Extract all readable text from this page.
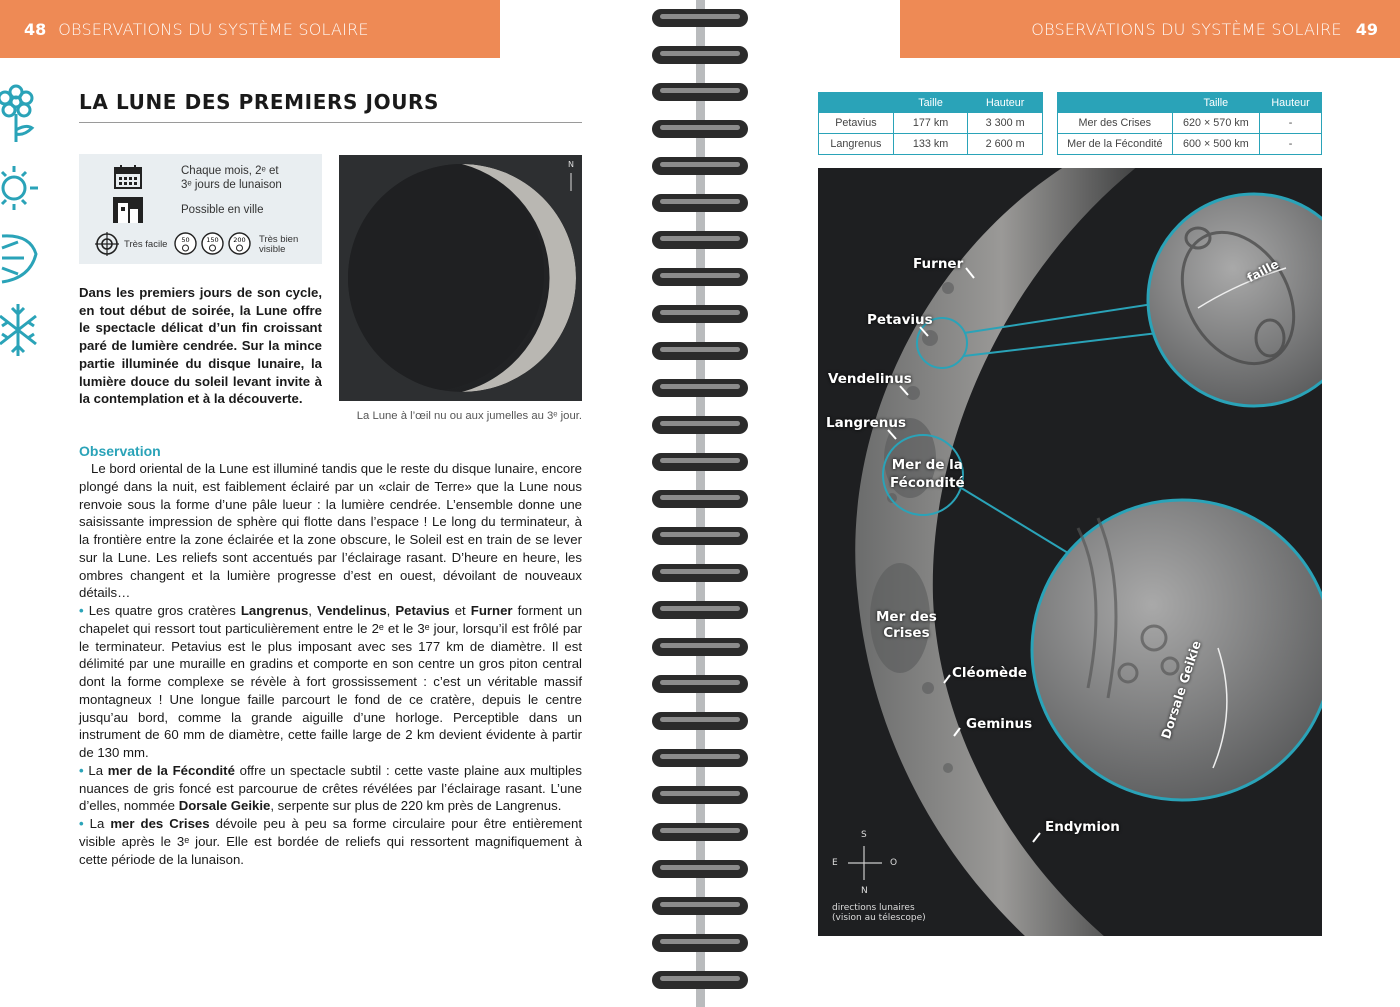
48 OBSERVATIONS DU SYSTÈME SOLAIRE	OBSERVATIONS DU SYSTÈME SOLAIRE 49
LA LUNE DES PREMIERS JOURS
Chaque mois, 2ᵉ et
3ᵉ jours de lunaison
Possible en ville
Très facile 50	150 200 Très bien
visible
Dans les premiers jours de son cycle, en tout début de soirée, la Lune offre le spectacle délicat d’un fin croissant paré de lumière cendrée. Sur la mince partie illuminée du disque lunaire, la lumière douce du soleil levant invite à la contemplation et à la découverte.
N
La Lune à l’œil nu ou aux jumelles au 3ᵉ jour.
Observation

Le bord oriental de la Lune est illuminé tandis que le reste du disque lunaire, encore plongé dans la nuit, est faiblement éclairé par un «clair de Terre» que la Lune nous renvoie sous la forme d’une pâle lueur : la lumière cendrée. L’ensemble donne une saisissante impression de sphère qui flotte dans l’espace ! Le long du terminateur, à la frontière entre la zone éclairée et la zone obscure, le Soleil est en train de se lever sur la Lune. Les reliefs sont accentués par l’éclairage rasant. D’heure en heure, les ombres changent et la lumière progresse d’est en ouest, dévoilant de nouveaux détails…

• Les quatre gros cratères Langrenus, Vendelinus, Petavius et Furner forment un chapelet qui ressort tout particulièrement entre le 2ᵉ et le 3ᵉ jour, lorsqu’il est frôlé par le terminateur. Petavius est le plus imposant avec ses 177 km de diamètre. Il est délimité par une muraille en gradins et comporte en son centre un gros piton central dont la forme complexe se révèle à fort grossissement : c’est un véritable massif montagneux ! Une longue faille parcourt le fond de ce cratère, depuis le centre jusqu’au bord, comme la grande aiguille d’une horloge. Perceptible dans un instrument de 60 mm de diamètre, cette faille large de 2 km devient évidente à partir de 130 mm.

• La mer de la Fécondité offre un spectacle subtil : cette vaste plaine aux multiples nuances de gris foncé est parcourue de crêtes révélées par l’éclairage rasant. L’une d’elles, nommée Dorsale Geikie, serpente sur plus de 220 km près de Langrenus.

• La mer des Crises dévoile peu à peu sa forme circulaire pour être entièrement visible après le 3ᵉ jour. Elle est bordée de reliefs qui ressortent magnifiquement à cette période de la lunaison.

	Taille	Hauteur
Petavius	177 km	3 300 m
Langrenus	133 km	2 600 m
	Taille	Hauteur
Mer des Crises	620 × 570 km	-
Mer de la Fécondité	600 × 500 km	-
Furner
Petavius
Vendelinus
Langrenus
Mer de la
Fécondité
Mer des
Crises
Cléomède
Geminus
Endymion
faille
Dorsale Geikie
S
E	O
N
directions lunaires
(vision au télescope)
